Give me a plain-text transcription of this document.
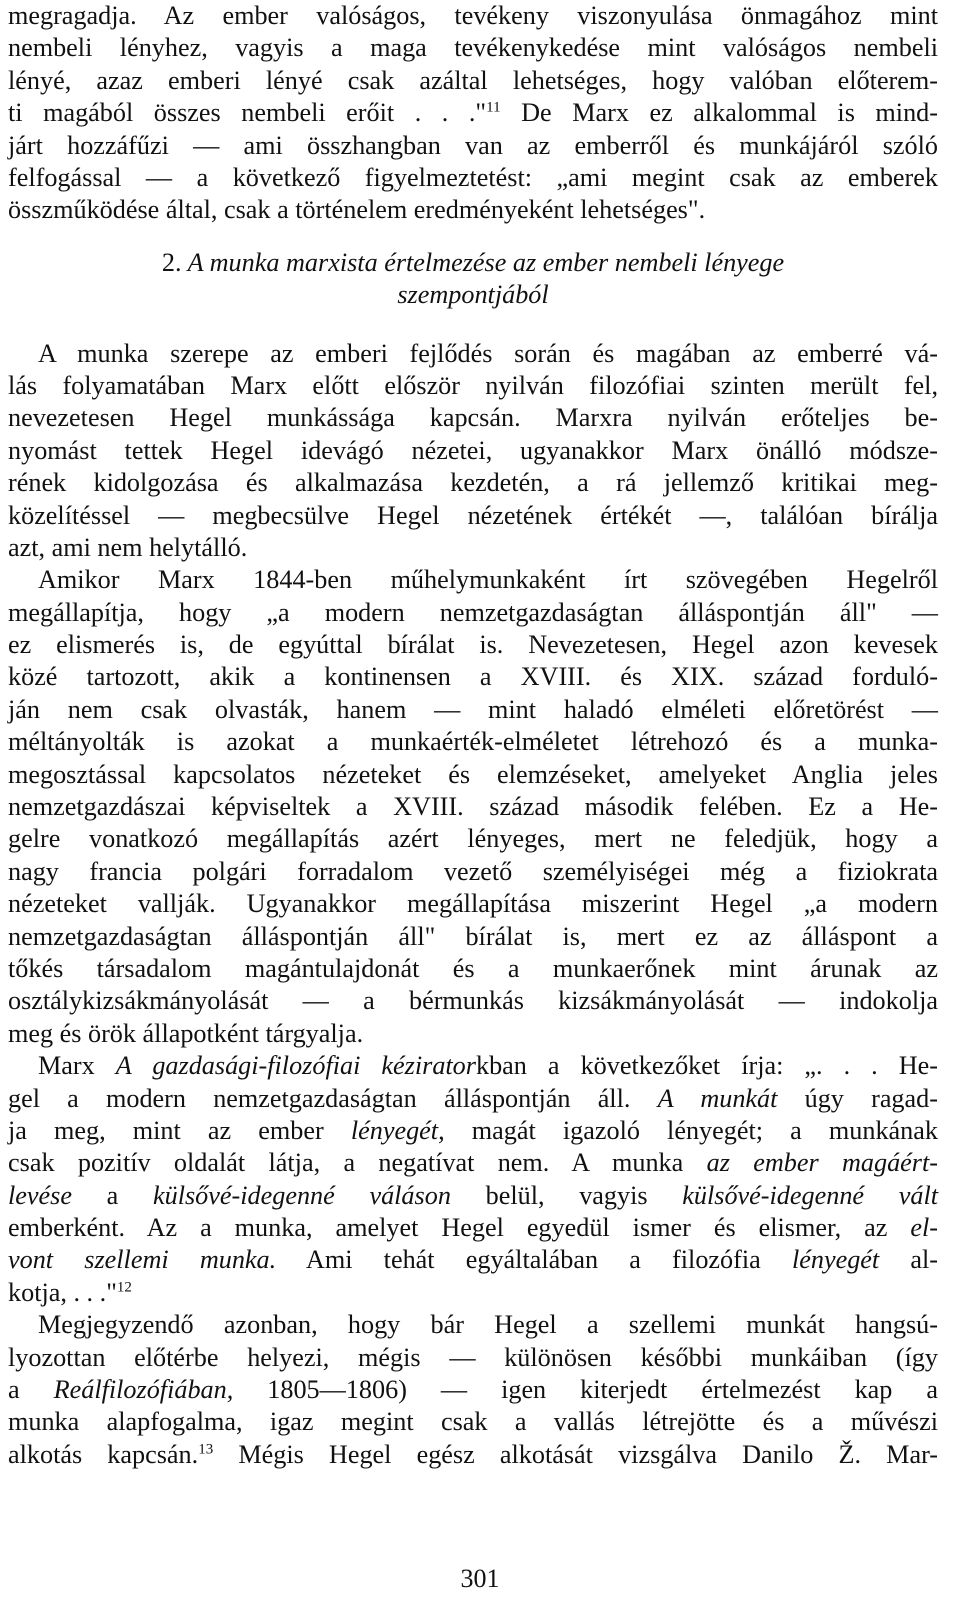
megragadja. Az ember valóságos, tevékeny viszonyulása önmagához mint
nembeli lényhez, vagyis a maga tevékenykedése mint valóságos nembeli
lényé, azaz emberi lényé csak azáltal lehetséges, hogy valóban előterem-
ti magából összes nembeli erőit . . ."$^{11}$ De Marx ez alkalommal is mind-
járt hozzáfűzi — ami összhangban van az emberről és munkájáról szóló
felfogással — a következő figyelmeztetést: „ami megint csak az emberek
összműködése által, csak a történelem eredményeként lehetséges".
2. A munka marxista értelmezése az ember nembeli lényege
szempontjából
A munka szerepe az emberi fejlődés során és magában az emberré vá-
lás folyamatában Marx előtt először nyilván filozófiai szinten merült fel,
nevezetesen Hegel munkássága kapcsán. Marxra nyilván erőteljes be-
nyomást tettek Hegel idevágó nézetei, ugyanakkor Marx önálló módszе-
rének kidolgozása és alkalmazása kezdetén, a rá jellemző kritikai meg-
közelítéssel — megbecsülve Hegel nézetének értékét —, találóan bírálja
azt, ami nem helytálló.
Amikor Marx 1844-ben műhelymunkaként írt szövegében Hegelről
megállapítja, hogy „a modern nemzetgazdaságtan álláspontján áll" —
ez elismerés is, de egyúttal bírálat is. Nevezetesen, Hegel azon kevesek
közé tartozott, akik a kontinensen a XVIII. és XIX. század forduló-
ján nem csak olvasták, hanem — mint haladó elméleti előretörést —
méltányolták is azokat a munkaérték-elméletet létrehozó és a munka-
megosztással kapcsolatos nézeteket és elemzéseket, amelyeket Anglia jeles
nemzetgazdászai képviseltek a XVIII. század második felében. Ez a He-
gelre vonatkozó megállapítás azért lényeges, mert ne feledjük, hogy a
nagy francia polgári forradalom vezető személyiségei még a fiziokrata
nézeteket vallják. Ugyanakkor megállapítása miszerint Hegel „a modern
nemzetgazdaságtan álláspontján áll" bírálat is, mert ez az álláspont a
tőkés társadalom magántulajdonát és a munkaerőnek mint árunak az
osztálykizsákmányolását — a bérmunkás kizsákmányolását — indokolja
meg és örök állapotként tárgyalja.
Marx A gazdasági-filozófiai kéziratorkban a következőket írja: „. . . He-
gel a modern nemzetgazdaságtan álláspontján áll. A munkát úgy ragad-
ja meg, mint az ember lényegét, magát igazoló lényegét; a munkának
csak pozitív oldalát látja, a negatívat nem. A munka az ember magáért-
levése a külsővé-idegenné váláson belül, vagyis külsővé-idegenné vált
emberként. Az a munka, amelyet Hegel egyedül ismer és elismer, az el-
vont szellemi munka. Ami tehát egyáltalában a filozófia lényegét al-
kotja, . . ."$^{12}$
Megjegyzendő azonban, hogy bár Hegel a szellemi munkát hangsú-
lyozottan előtérbe helyezi, mégis — különösen későbbi munkáiban (így
a Reálfilozófiában, 1805—1806) — igen kiterjedt értelmezést kap a
munka alapfogalma, igaz megint csak a vallás létrejötte és a művészi
alkotás kapcsán.$^{13}$ Mégis Hegel egész alkotását vizsgálva Danilo Ž. Mar-
301
